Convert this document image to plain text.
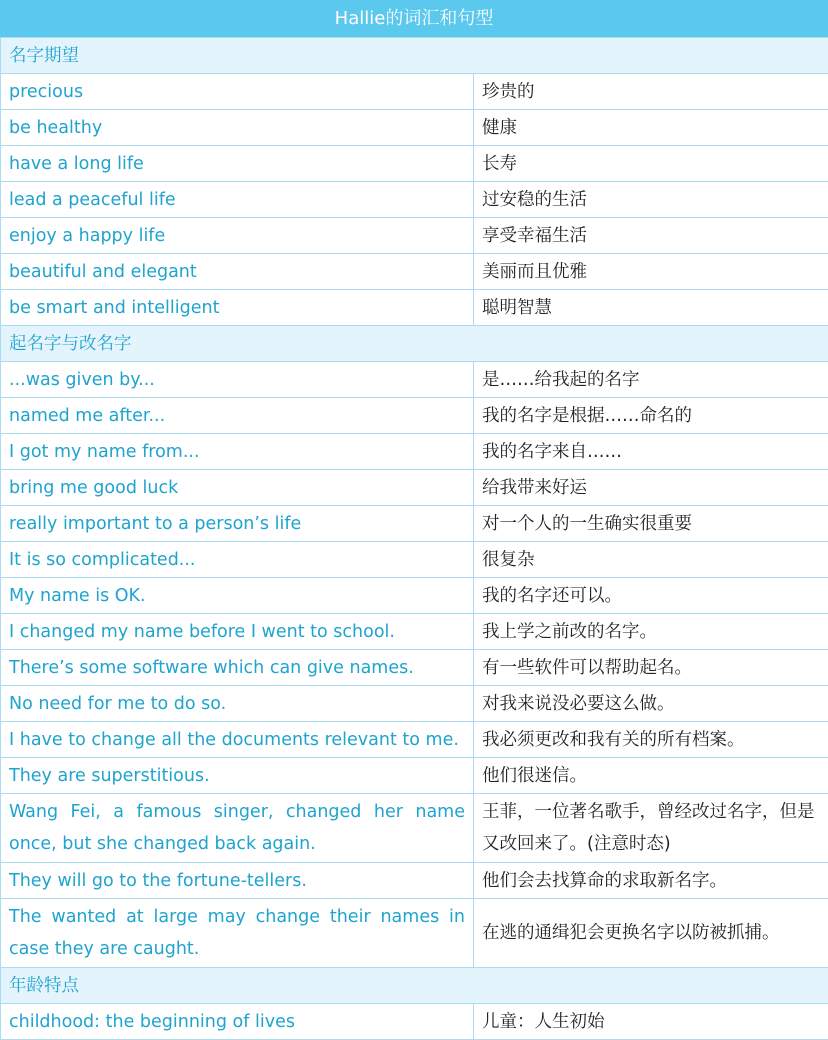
Hallie的词汇和句型
名字期望	
precious	珍贵的
be healthy	健康
have a long life	长寿
lead a peaceful life	过安稳的生活
enjoy a happy life	享受幸福生活
beautiful and elegant	美丽而且优雅
be smart and intelligent	聪明智慧
起名字与改名字	
...was given by...	是……给我起的名字
named me after...	我的名字是根据……命名的
I got my name from...	我的名字来自……
bring me good luck	给我带来好运
really important to a person’s life	对一个人的一生确实很重要
It is so complicated...	很复杂
My name is OK.	我的名字还可以。
I changed my name before I went to school.	我上学之前改的名字。
There’s some software which can give names.	有一些软件可以帮助起名。
No need for me to do so.	对我来说没必要这么做。
I have to change all the documents relevant to me.	我必须更改和我有关的所有档案。
They are superstitious.	他们很迷信。
Wang Fei, a famous singer, changed her name once, but she changed back again.	王菲，一位著名歌手，曾经改过名字，但是又改回来了。(注意时态)
They will go to the fortune-tellers.	他们会去找算命的求取新名字。
The wanted at large may change their names in case they are caught.	在逃的通缉犯会更换名字以防被抓捕。
年龄特点	
childhood: the beginning of lives	儿童：人生初始
